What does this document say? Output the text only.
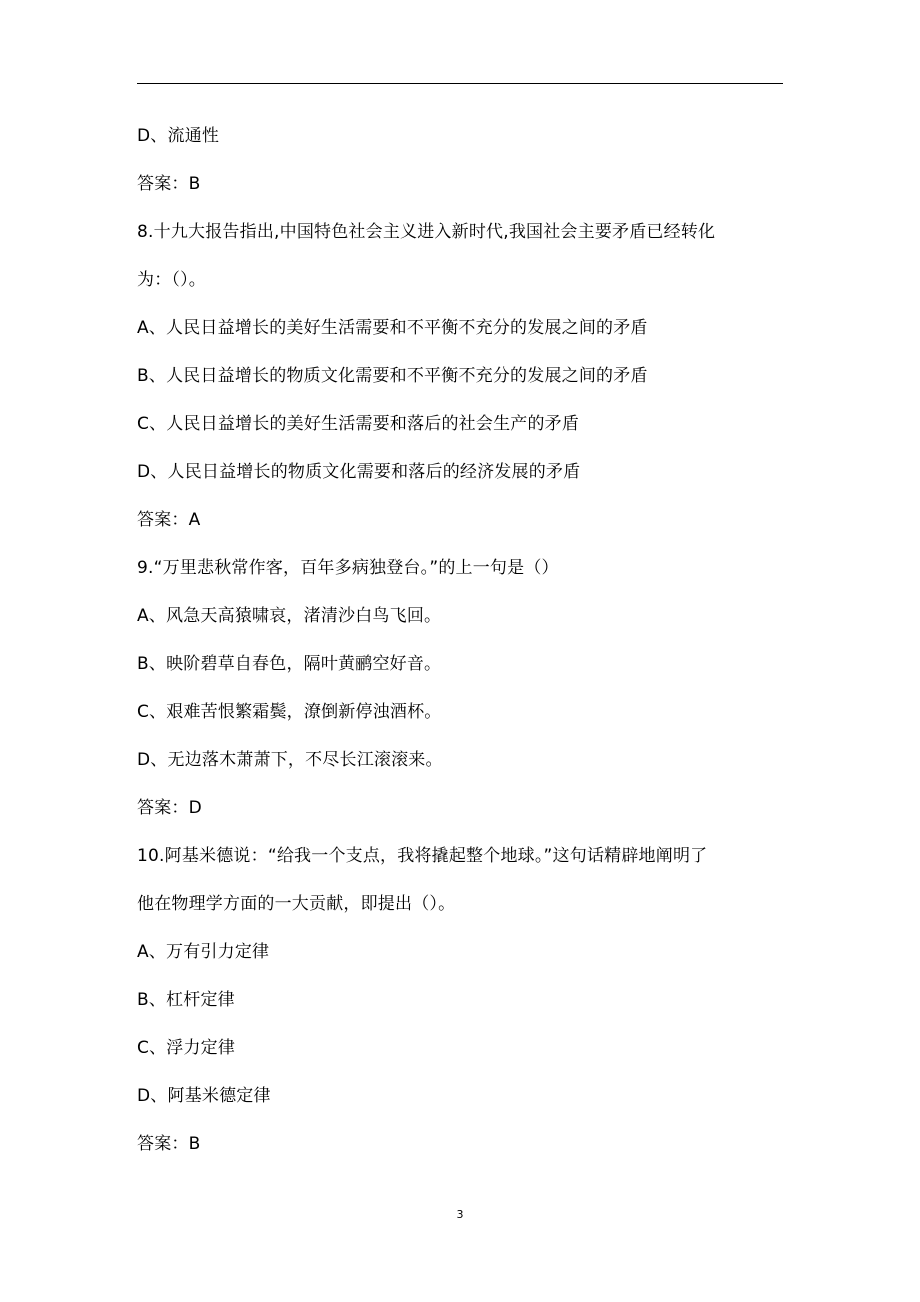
D、流通性
答案：B
8.十九大报告指出,中国特色社会主义进入新时代,我国社会主要矛盾已经转化
为：（）。
A、人民日益增长的美好生活需要和不平衡不充分的发展之间的矛盾
B、人民日益增长的物质文化需要和不平衡不充分的发展之间的矛盾
C、人民日益增长的美好生活需要和落后的社会生产的矛盾
D、人民日益增长的物质文化需要和落后的经济发展的矛盾
答案：A
9.“万里悲秋常作客，百年多病独登台。”的上一句是（）
A、风急天高猿啸哀，渚清沙白鸟飞回。
B、映阶碧草自春色，隔叶黄鹂空好音。
C、艰难苦恨繁霜鬓，潦倒新停浊酒杯。
D、无边落木萧萧下，不尽长江滚滚来。
答案：D
10.阿基米德说：“给我一个支点，我将撬起整个地球。”这句话精辟地阐明了
他在物理学方面的一大贡献，即提出（）。
A、万有引力定律
B、杠杆定律
C、浮力定律
D、阿基米德定律
答案：B
3
